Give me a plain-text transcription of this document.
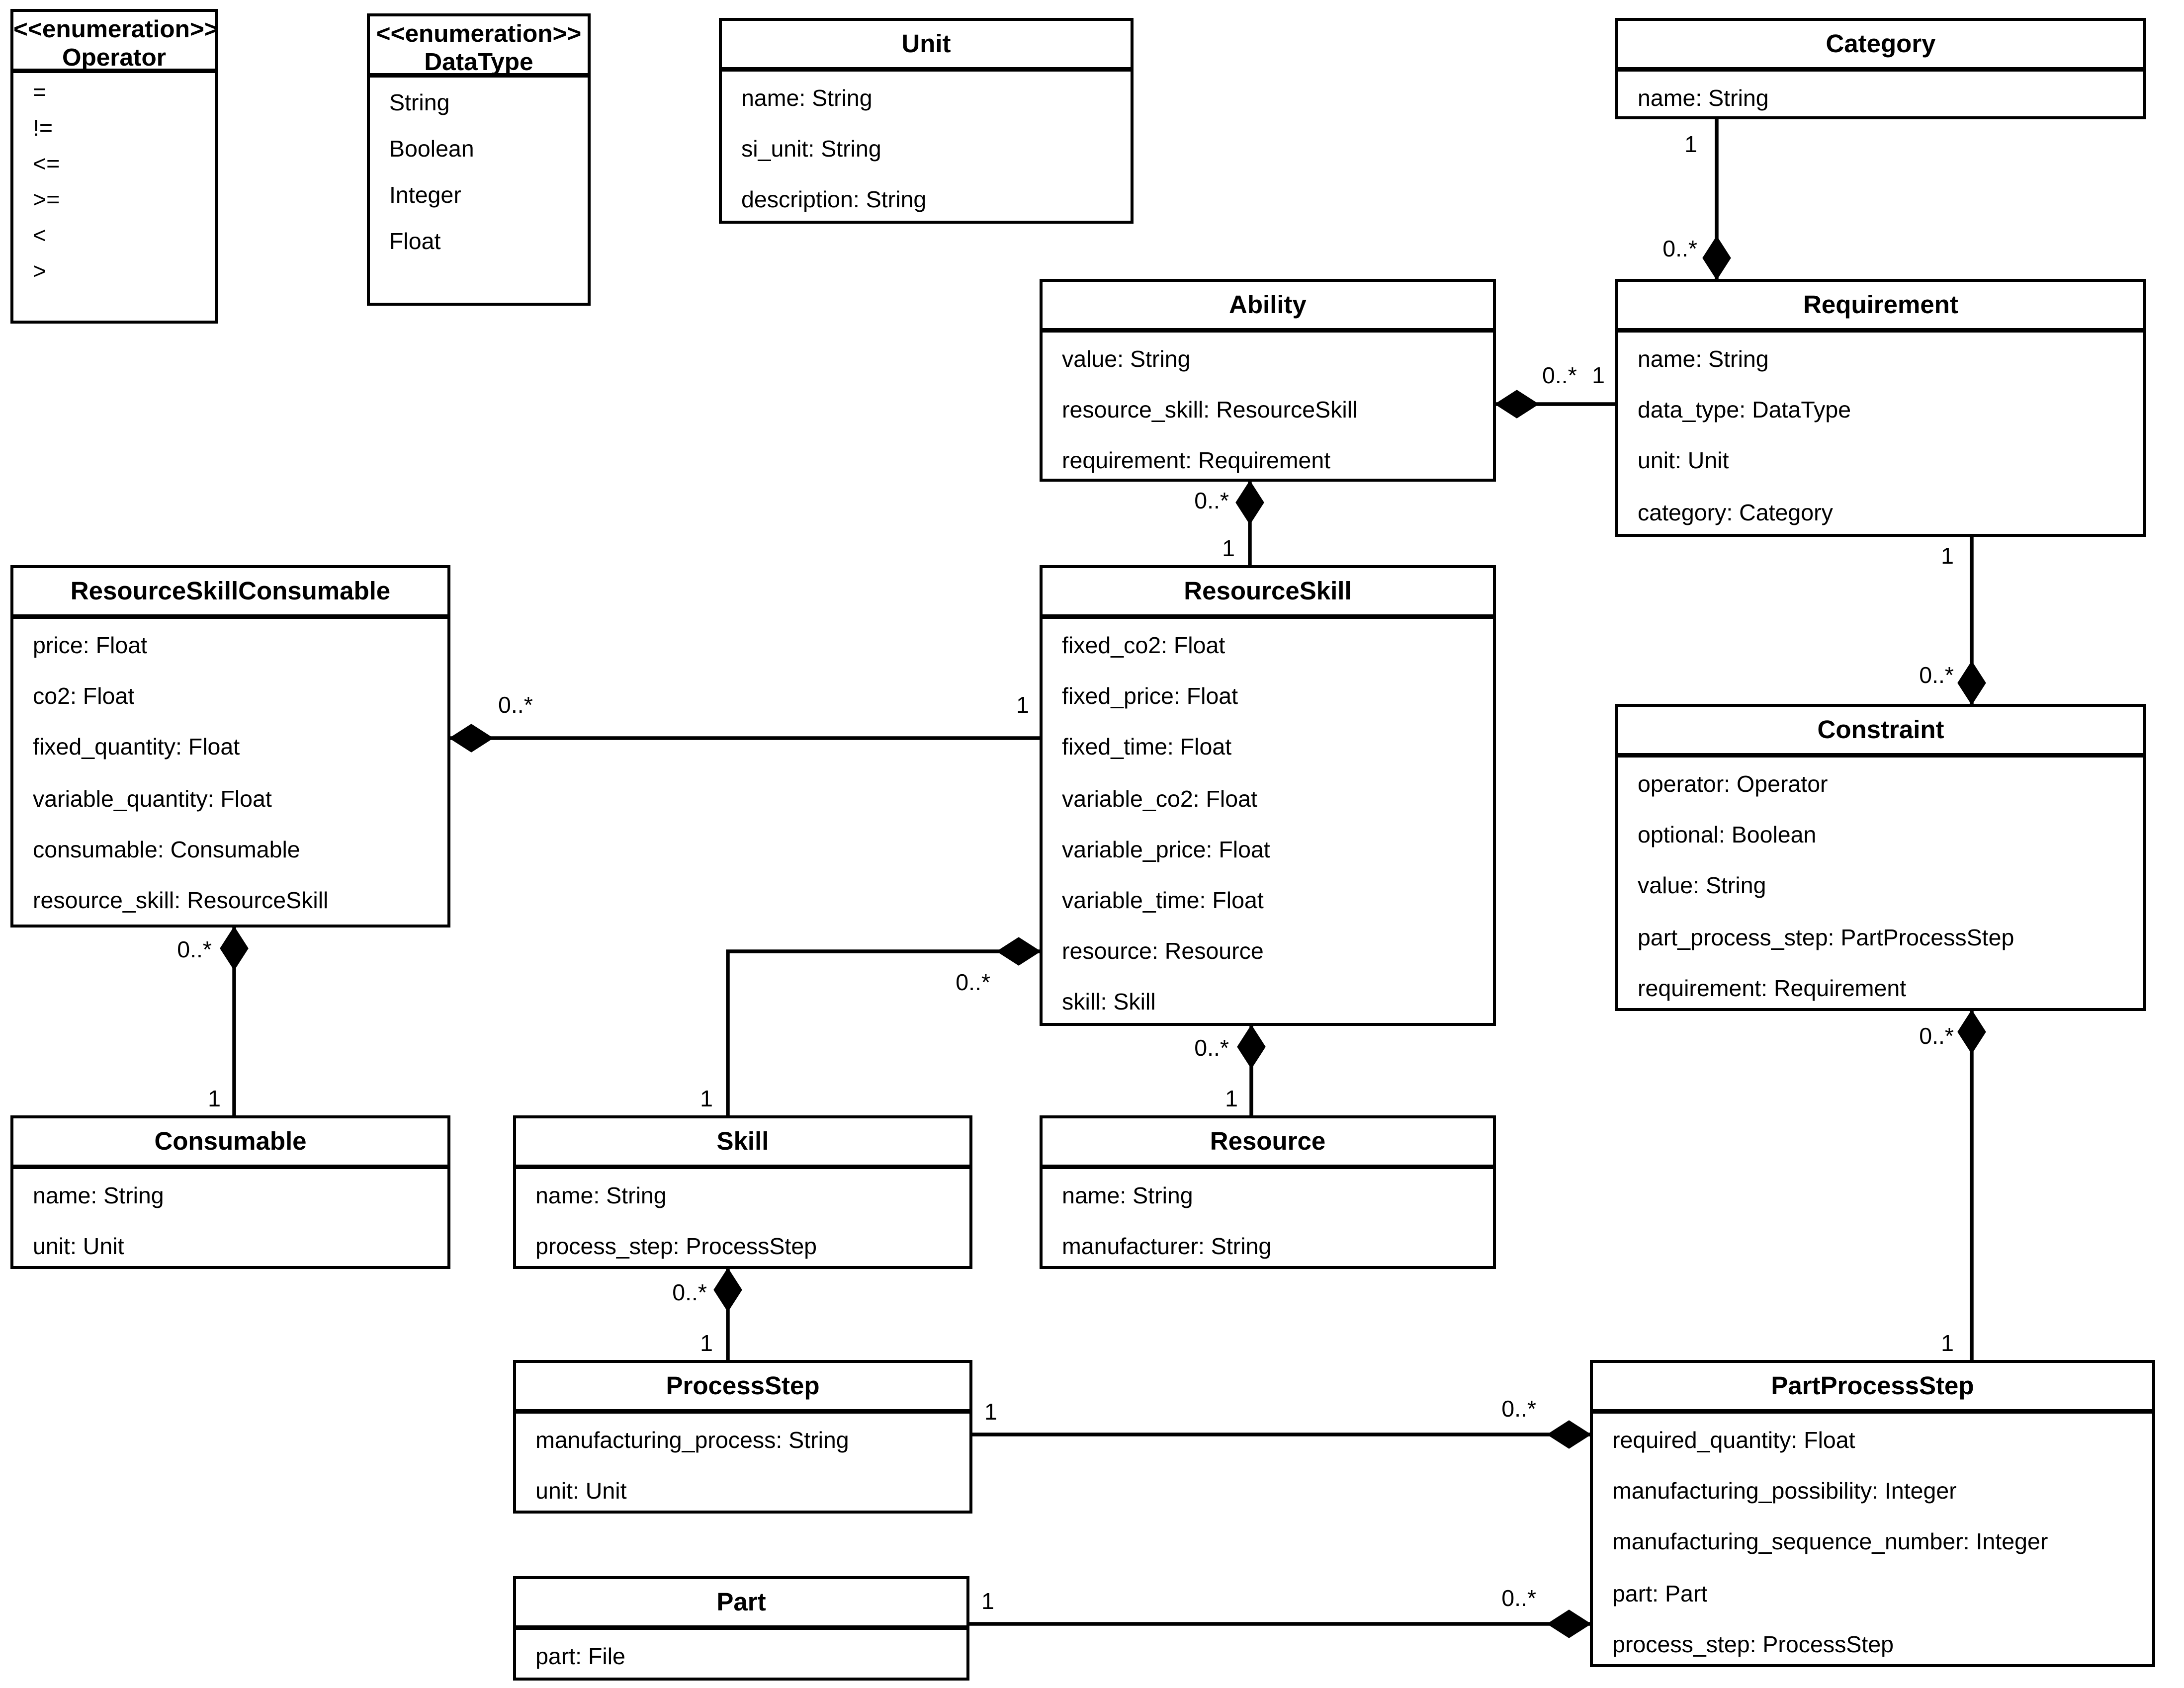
1
0..*
0..* 1
0..*
1
0..*	1
0..*
1
0..*
1
0..*
1
1
0..*
0..*
1
0..*
1
1	0..*
1	0..*
<<enumeration>>
Operator
=
!=
<=
>=
<
>
<<enumeration>>
DataType
String
Boolean
Integer
Float
Unit
name: String
si_unit: String
description: String
Category
name: String
Ability
value: String
resource_skill: ResourceSkill
requirement: Requirement
Requirement
name: String
data_type: DataType
unit: Unit
category: Category
ResourceSkillConsumable
price: Float
co2: Float
fixed_quantity: Float
variable_quantity: Float
consumable: Consumable
resource_skill: ResourceSkill
ResourceSkill
fixed_co2: Float
fixed_price: Float
fixed_time: Float
variable_co2: Float
variable_price: Float
variable_time: Float
resource: Resource
skill: Skill
Constraint
operator: Operator
optional: Boolean
value: String
part_process_step: PartProcessStep
requirement: Requirement
Consumable
name: String
unit: Unit
Skill
name: String
process_step: ProcessStep
Resource
name: String
manufacturer: String
ProcessStep
manufacturing_process: String
unit: Unit
PartProcessStep
required_quantity: Float
manufacturing_possibility: Integer
manufacturing_sequence_number: Integer
part: Part
process_step: ProcessStep
Part
part: File
